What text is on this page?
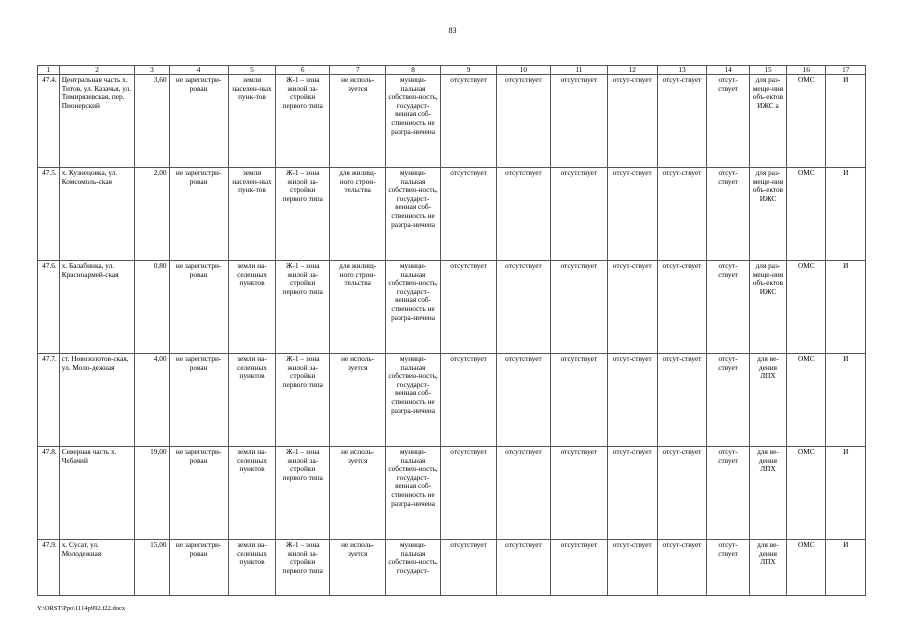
83
1	2	3	4	5	6	7	8	9	10	11	12	13	14	15	16	17
47.4.	Центральная часть х. Титов, ул. Казачья, ул. Тимирязевская, пер. Пионерский	3,60	не зарегистри-рован	земли населен-ных пунк-тов	Ж-1 – зона жилой за-стройки первого типа	не исполь-зуется	муници-пальная собствен-ность, государст-венная соб-ственность не разгра-ничена	отсутствует	отсутствует	отсутствует	отсут-ствует	отсут-ствует	отсут-ствует	для раз-меще-ния объ-ектов ИЖС а	ОМС	И
47.5.	х. Кузнецовка, ул. Комсомоль-ская	2,00	не зарегистри-рован	земли населен-ных пунк-тов	Ж-1 – зона жилой за-стройки первого типа	для жилищ-ного строи-тельства	муници-пальная собствен-ность, государст-венная соб-ственность не разгра-ничена	отсутствует	отсутствует	отсутствует	отсут-ствует	отсут-ствует	отсут-ствует	для раз-меще-ния объ-ектов ИЖС	ОМС	И
47.6.	х. Балабинка, ул. Красноармей-ская	0,80	не зарегистри-рован	земли на-селенных пунктов	Ж-1 – зона жилой за-стройки первого типа	для жилищ-ного строи-тельства	муници-пальная собствен-ность, государст-венная соб-ственность не разгра-ничена	отсутствует	отсутствует	отсутствует	отсут-ствует	отсут-ствует	отсут-ствует	для раз-меще-ния объ-ектов ИЖС	ОМС	И
47.7.	ст. Новозолотов-ская, ул. Моло-дежная	4,00	не зарегистри-рован	земли на-селенных пунктов	Ж-1 – зона жилой за-стройки первого типа	не исполь-зуется	муници-пальная собствен-ность, государст-венная соб-ственность не разгра-ничена	отсутствует	отсутствует	отсутствует	отсут-ствует	отсут-ствует	отсут-ствует	для ве-дения ЛПХ	ОМС	И
47.8.	Северная часть х. Чебачий	19,00	не зарегистри-рован	земли на-селенных пунктов	Ж-1 – зона жилой за-стройки первого типа	не исполь-зуется	муници-пальная собствен-ность, государст-венная соб-ственность не разгра-ничена	отсутствует	отсутствует	отсутствует	отсут-ствует	отсут-ствует	отсут-ствует	для ве-дения ЛПХ	ОМС	И
47.9.	х. Сусат, ул. Молодежная	15,00	не зарегистри-рован	земли на-селенных пунктов	Ж-1 – зона жилой за-стройки первого типа	не исполь-зуется	муници-пальная собствен-ность, государст-	отсутствует	отсутствует	отсутствует	отсут-ствует	отсут-ствует	отсут-ствует	для ве-дения ЛПХ	ОМС	И
Y:\ORST\Ppo\1114p992.f22.docx
